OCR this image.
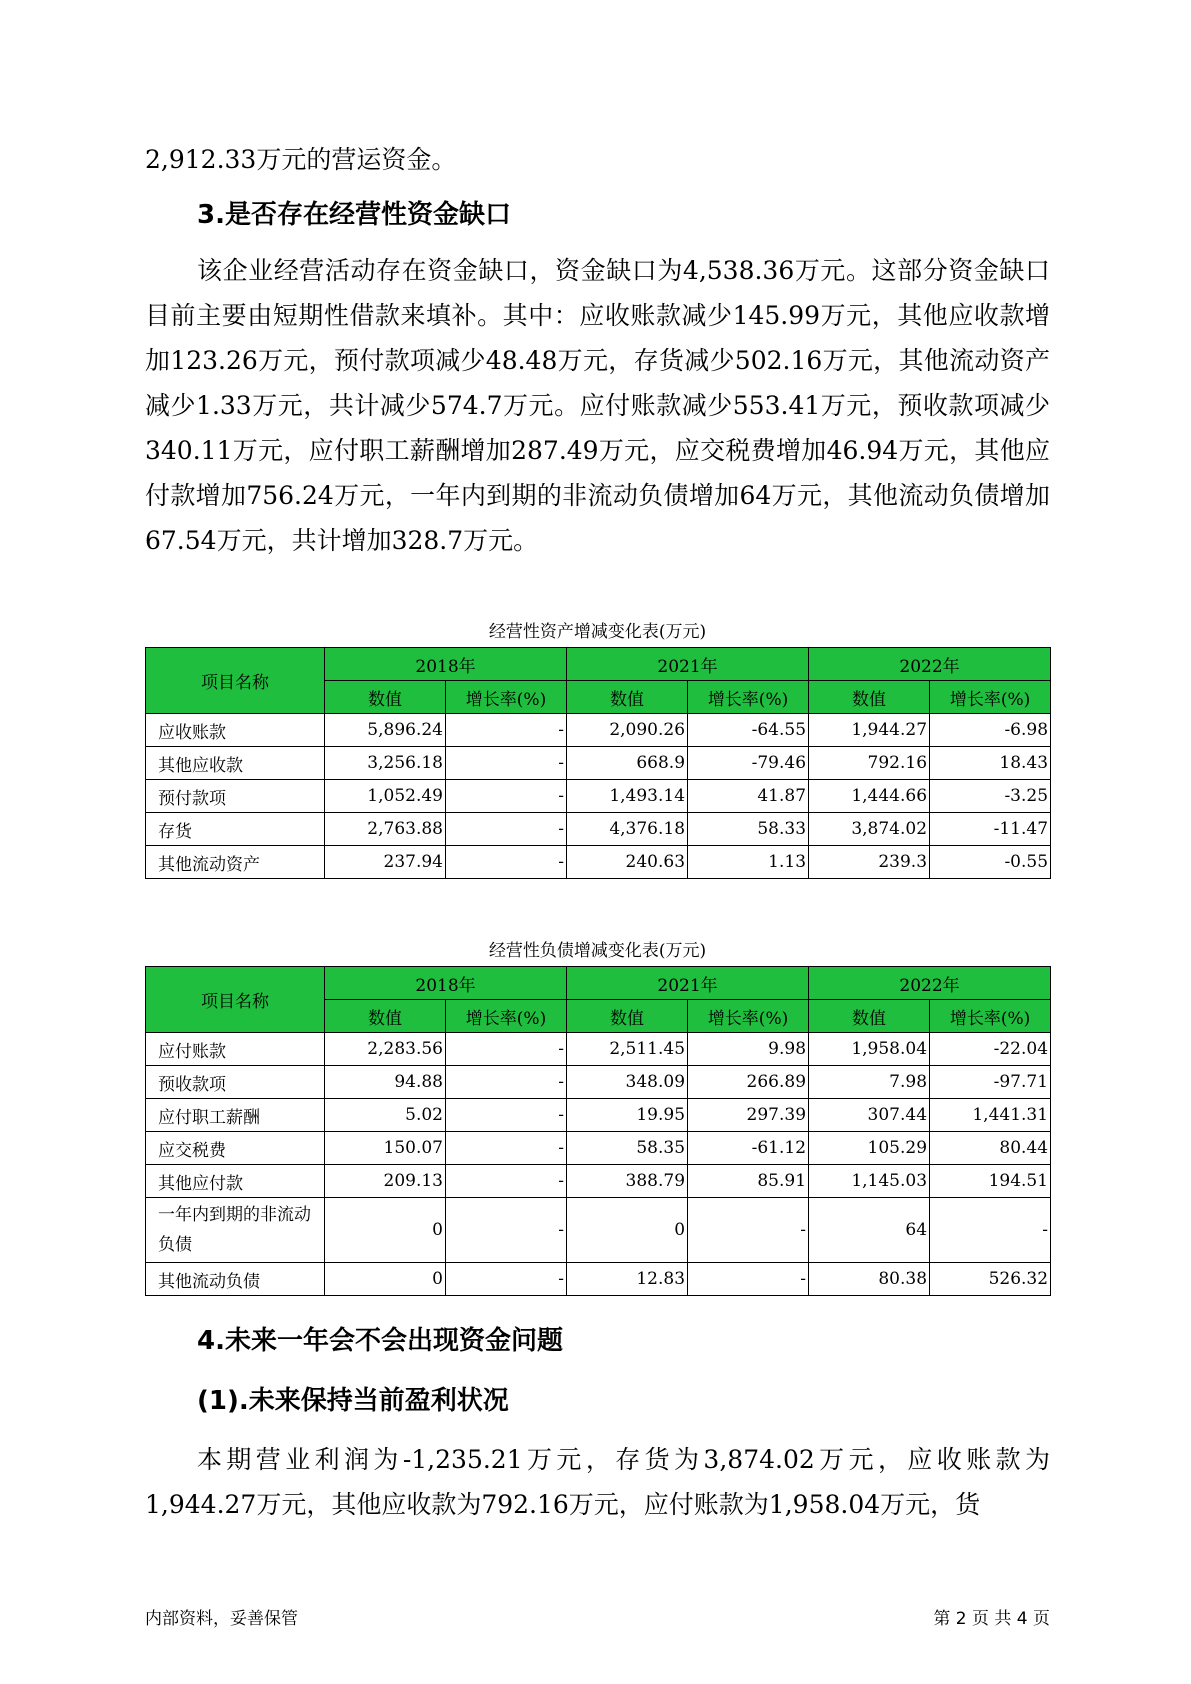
2,912.33万元的营运资金。

3.是否存在经营性资金缺口

该企业经营活动存在资金缺口，资金缺口为4,538.36万元。这部分资金缺口目前主要由短期性借款来填补。其中：应收账款减少145.99万元，其他应收款增加123.26万元，预付款项减少48.48万元，存货减少502.16万元，其他流动资产减少1.33万元，共计减少574.7万元。应付账款减少553.41万元，预收款项减少340.11万元，应付职工薪酬增加287.49万元，应交税费增加46.94万元，其他应付款增加756.24万元，一年内到期的非流动负债增加64万元，其他流动负债增加67.54万元，共计增加328.7万元。

经营性资产增减变化表(万元)

项目名称	2018年		2021年		2022年	
	数值	增长率(%)	数值	增长率(%)	数值	增长率(%)
应收账款	5,896.24	-	2,090.26	-64.55	1,944.27	-6.98
其他应收款	3,256.18	-	668.9	-79.46	792.16	18.43
预付款项	1,052.49	-	1,493.14	41.87	1,444.66	-3.25
存货	2,763.88	-	4,376.18	58.33	3,874.02	-11.47
其他流动资产	237.94	-	240.63	1.13	239.3	-0.55

经营性负债增减变化表(万元)

项目名称	2018年		2021年		2022年	
	数值	增长率(%)	数值	增长率(%)	数值	增长率(%)
应付账款	2,283.56	-	2,511.45	9.98	1,958.04	-22.04
预收款项	94.88	-	348.09	266.89	7.98	-97.71
应付职工薪酬	5.02	-	19.95	297.39	307.44	1,441.31
应交税费	150.07	-	58.35	-61.12	105.29	80.44
其他应付款	209.13	-	388.79	85.91	1,145.03	194.51
一年内到期的非流动负债	0	-	0	-	64	-
其他流动负债	0	-	12.83	-	80.38	526.32
4.未来一年会不会出现资金问题
(1).未来保持当前盈利状况

本期营业利润为-1,235.21万元，存货为3,874.02万元，应收账款为1,944.27万元，其他应收款为792.16万元，应付账款为1,958.04万元，货

内部资料，妥善保管	第 2 页 共 4 页
